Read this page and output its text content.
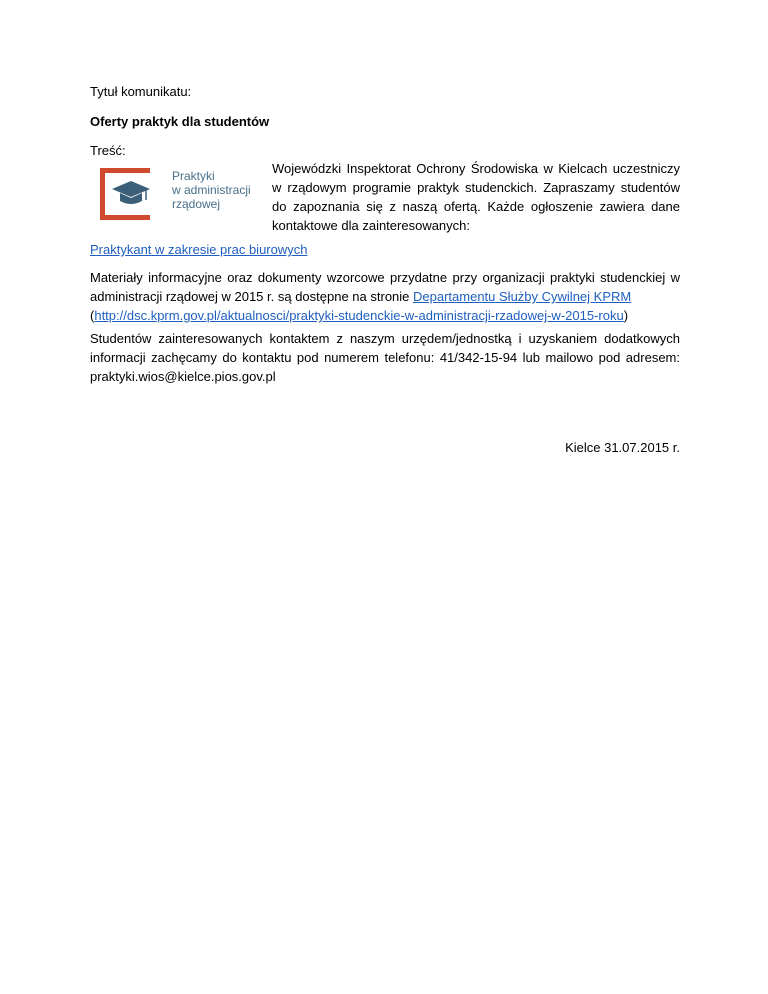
Tytuł komunikatu:
Oferty praktyk dla studentów
Treść:
Praktyki
w administracji
rządowej
Wojewódzki Inspektorat Ochrony Środowiska w Kielcach uczestniczy w rządowym programie praktyk studenckich. Zapraszamy studentów do zapoznania się z naszą ofertą. Każde ogłoszenie zawiera dane kontaktowe dla zainteresowanych:
Praktykant w zakresie prac biurowych
Materiały informacyjne oraz dokumenty wzorcowe przydatne przy organizacji praktyki studenckiej w administracji rządowej w 2015 r. są dostępne na stronie Departamentu Służby Cywilnej KPRM
(http://dsc.kprm.gov.pl/aktualnosci/praktyki-studenckie-w-administracji-rzadowej-w-2015-roku)
Studentów zainteresowanych kontaktem z naszym urzędem/jednostką i uzyskaniem dodatkowych informacji zachęcamy do kontaktu pod numerem telefonu: 41/342-15-94 lub mailowo pod adresem: praktyki.wios@kielce.pios.gov.pl
Kielce 31.07.2015 r.
